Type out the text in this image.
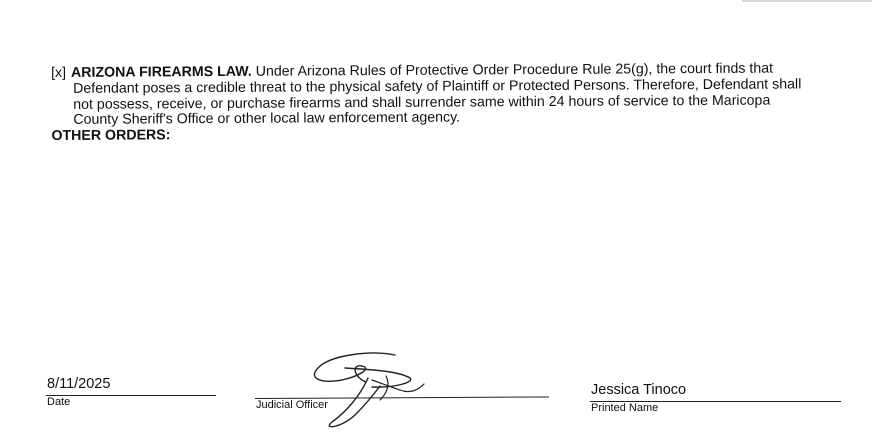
[x] ARIZONA FIREARMS LAW. Under Arizona Rules of Protective Order Procedure Rule 25(g), the court finds that
Defendant poses a credible threat to the physical safety of Plaintiff or Protected Persons. Therefore, Defendant shall
not possess, receive, or purchase firearms and shall surrender same within 24 hours of service to the Maricopa
County Sheriff's Office or other local law enforcement agency.
OTHER ORDERS:
8/11/2025
Date	Judicial Officer
Jessica Tinoco
Printed Name
